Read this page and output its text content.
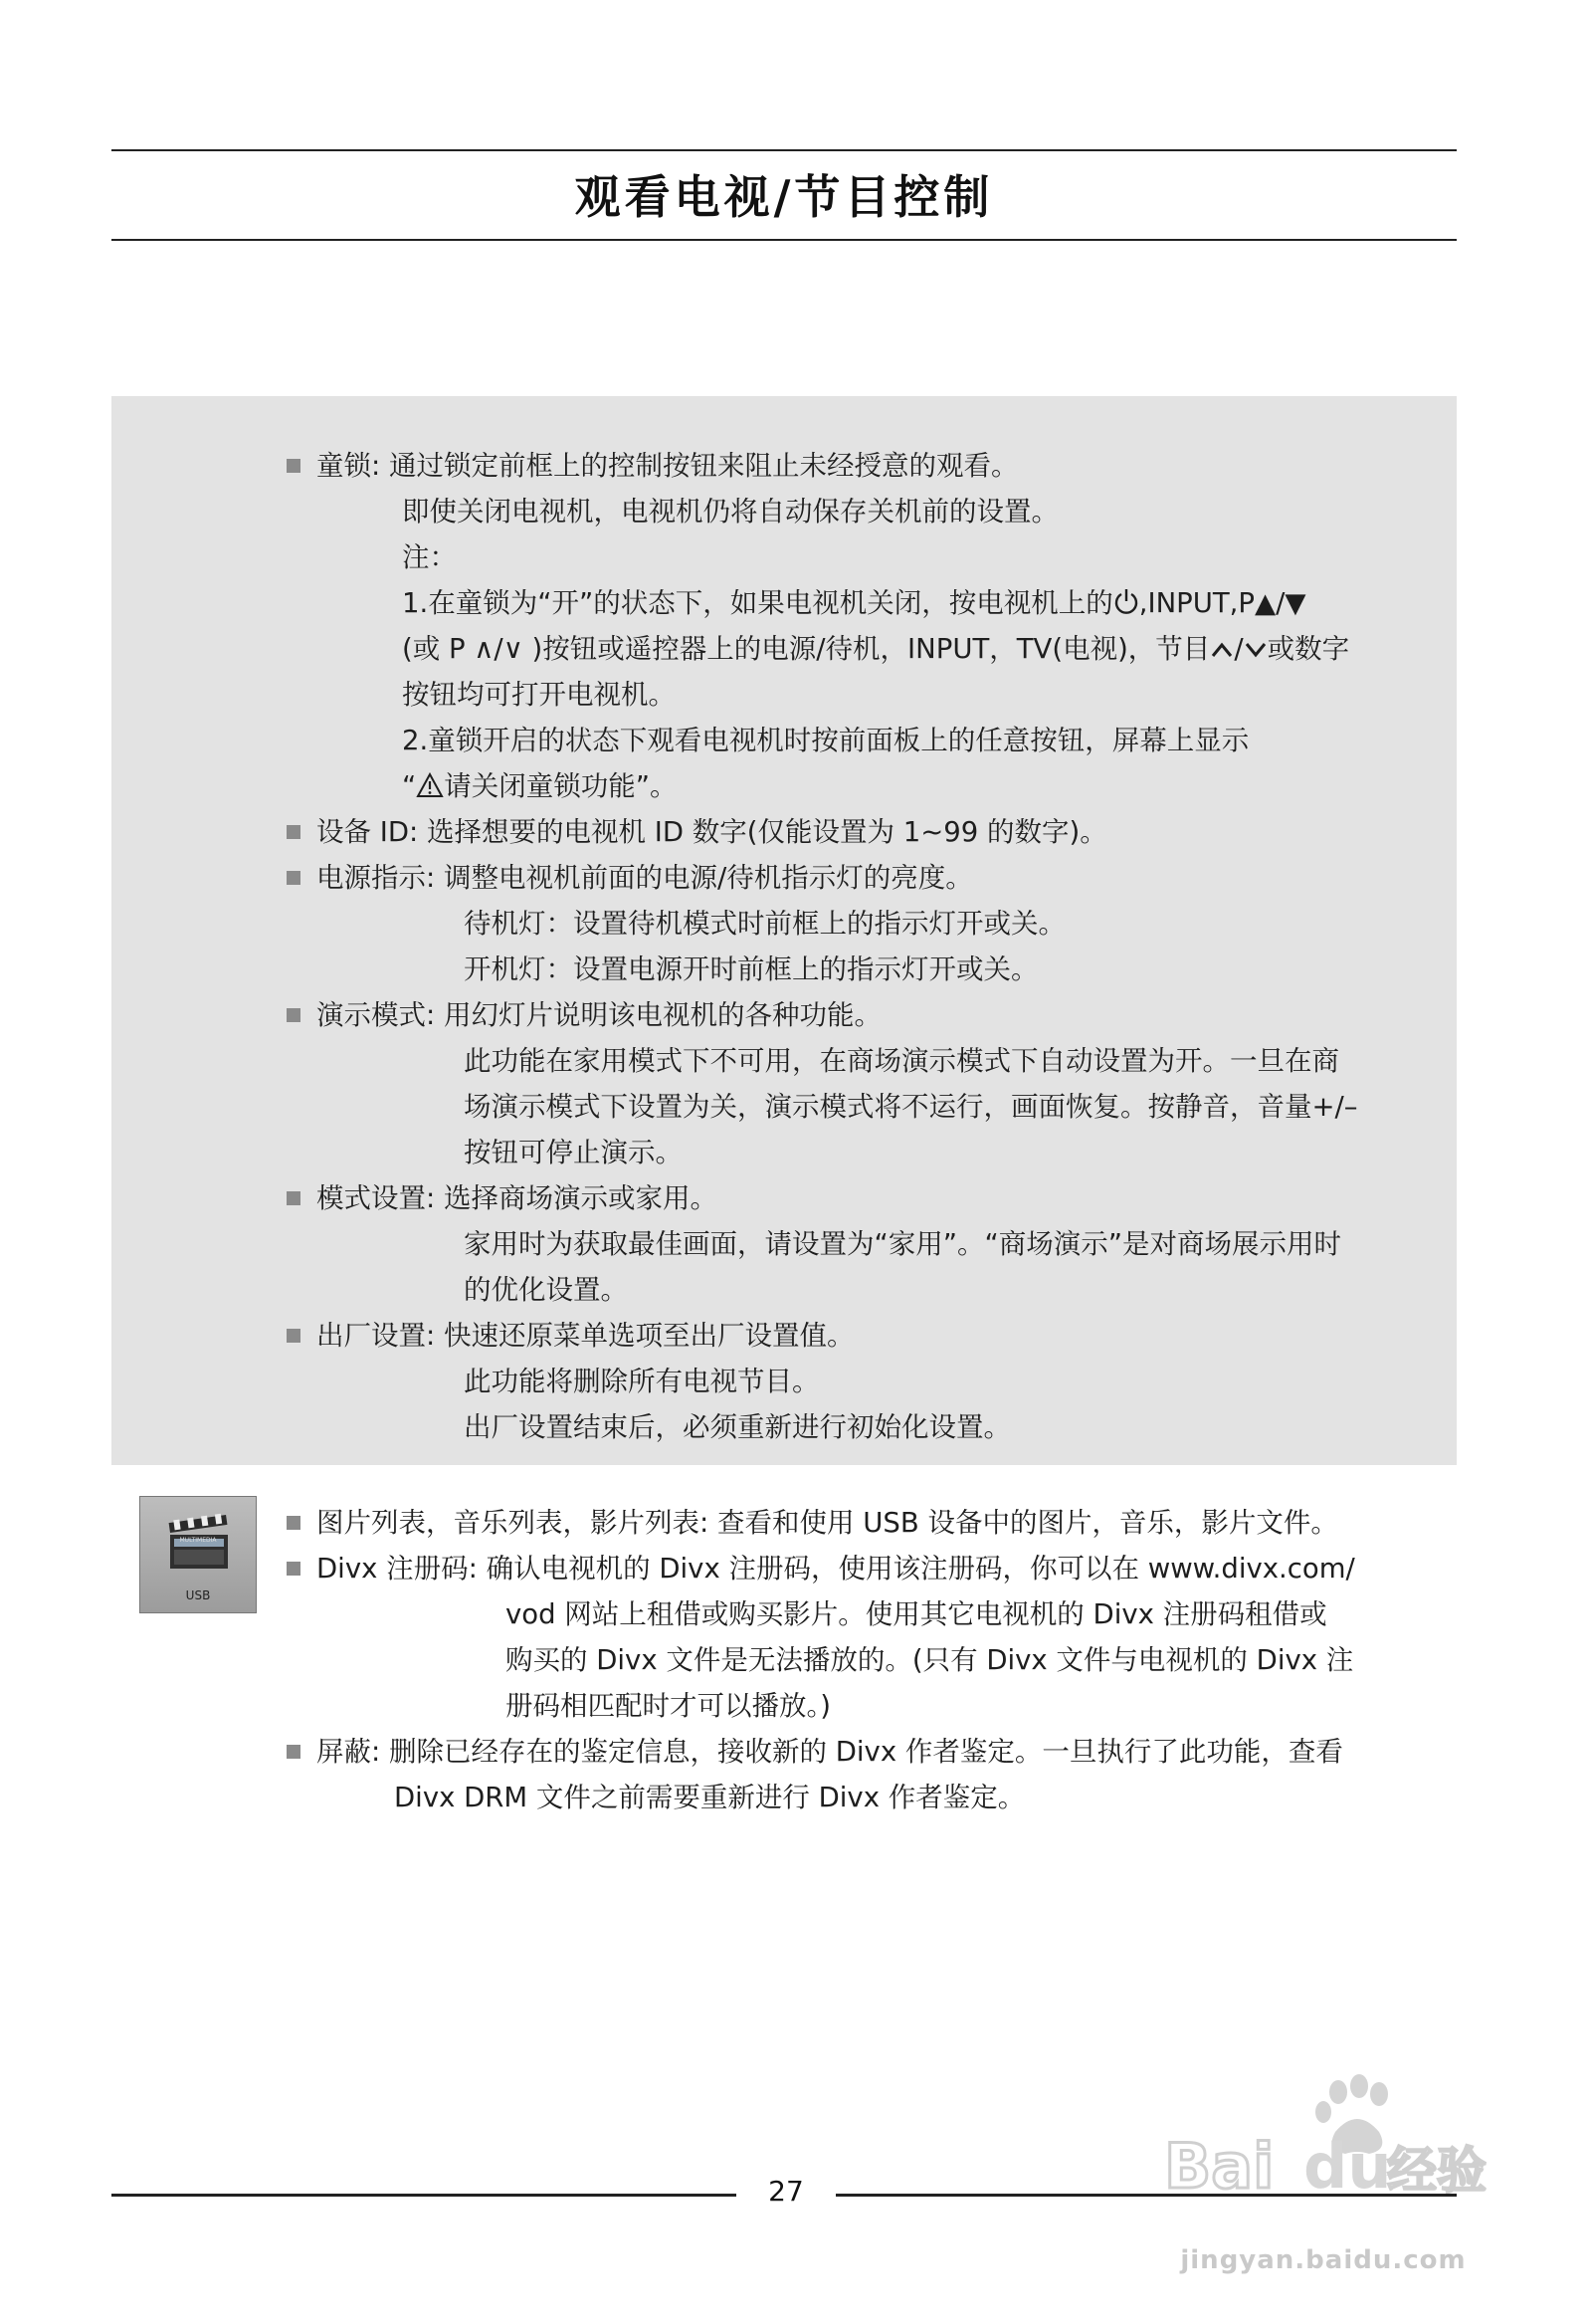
观看电视/节目控制
童锁: 通过锁定前框上的控制按钮来阻止未经授意的观看。
即使关闭电视机，电视机仍将自动保存关机前的设置。
注：
1.在童锁为“开”的状态下，如果电视机关闭，按电视机上的 ,INPUT,P▲/▼
(或 P ∧/∨ )按钮或遥控器上的电源/待机，INPUT，TV(电视)，节目 / 或数字
按钮均可打开电视机。
2.童锁开启的状态下观看电视机时按前面板上的任意按钮，屏幕上显示
“ 请关闭童锁功能”。
设备 ID: 选择想要的电视机 ID 数字(仅能设置为 1~99 的数字)。
电源指示: 调整电视机前面的电源/待机指示灯的亮度。
待机灯：设置待机模式时前框上的指示灯开或关。
开机灯：设置电源开时前框上的指示灯开或关。
演示模式: 用幻灯片说明该电视机的各种功能。
此功能在家用模式下不可用，在商场演示模式下自动设置为开。一旦在商
场演示模式下设置为关，演示模式将不运行，画面恢复。按静音，音量+/–
按钮可停止演示。
模式设置: 选择商场演示或家用。
家用时为获取最佳画面，请设置为“家用”。“商场演示”是对商场展示用时
的优化设置。
出厂设置: 快速还原菜单选项至出厂设置值。
此功能将删除所有电视节目。
出厂设置结束后，必须重新进行初始化设置。
MULTIMEDIA
USB
图片列表，音乐列表，影片列表: 查看和使用 USB 设备中的图片，音乐，影片文件。
Divx 注册码: 确认电视机的 Divx 注册码，使用该注册码，你可以在 www.divx.com/
vod 网站上租借或购买影片。使用其它电视机的 Divx 注册码租借或
购买的 Divx 文件是无法播放的。(只有 Divx 文件与电视机的 Divx 注
册码相匹配时才可以播放。)
屏蔽: 删除已经存在的鉴定信息，接收新的 Divx 作者鉴定。一旦执行了此功能，查看
Divx DRM 文件之前需要重新进行 Divx 作者鉴定。
27	Bai du
经验
jingyan.baidu.com
